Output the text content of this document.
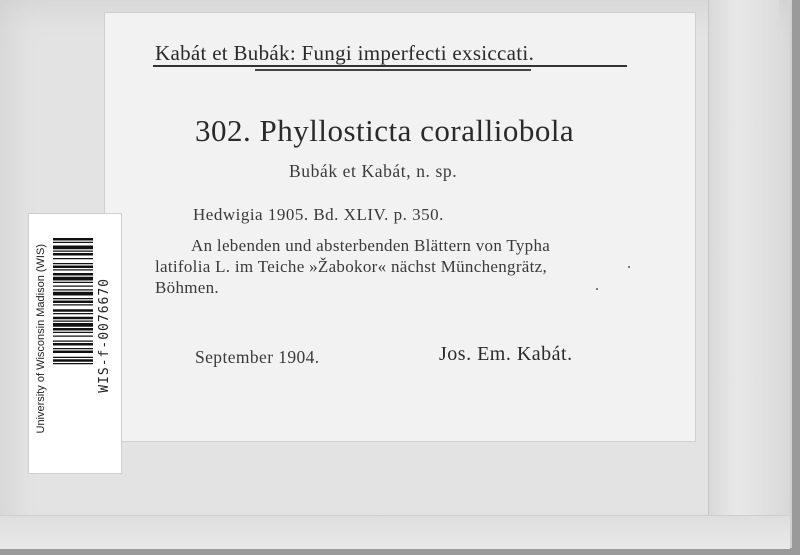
Kabát et Bubák: Fungi imperfecti exsiccati.
302. Phyllosticta coralliobola
Bubák et Kabát, n. sp.
Hedwigia 1905. Bd. XLIV. p. 350.
An lebenden und absterbenden Blättern von Typha
latifolia L. im Teiche »Žabokor« nächst Münchengrätz,
Böhmen.
September 1904.	Jos. Em. Kabát.
University of Wisconsin Madison (WIS)	WIS-f-0076670
